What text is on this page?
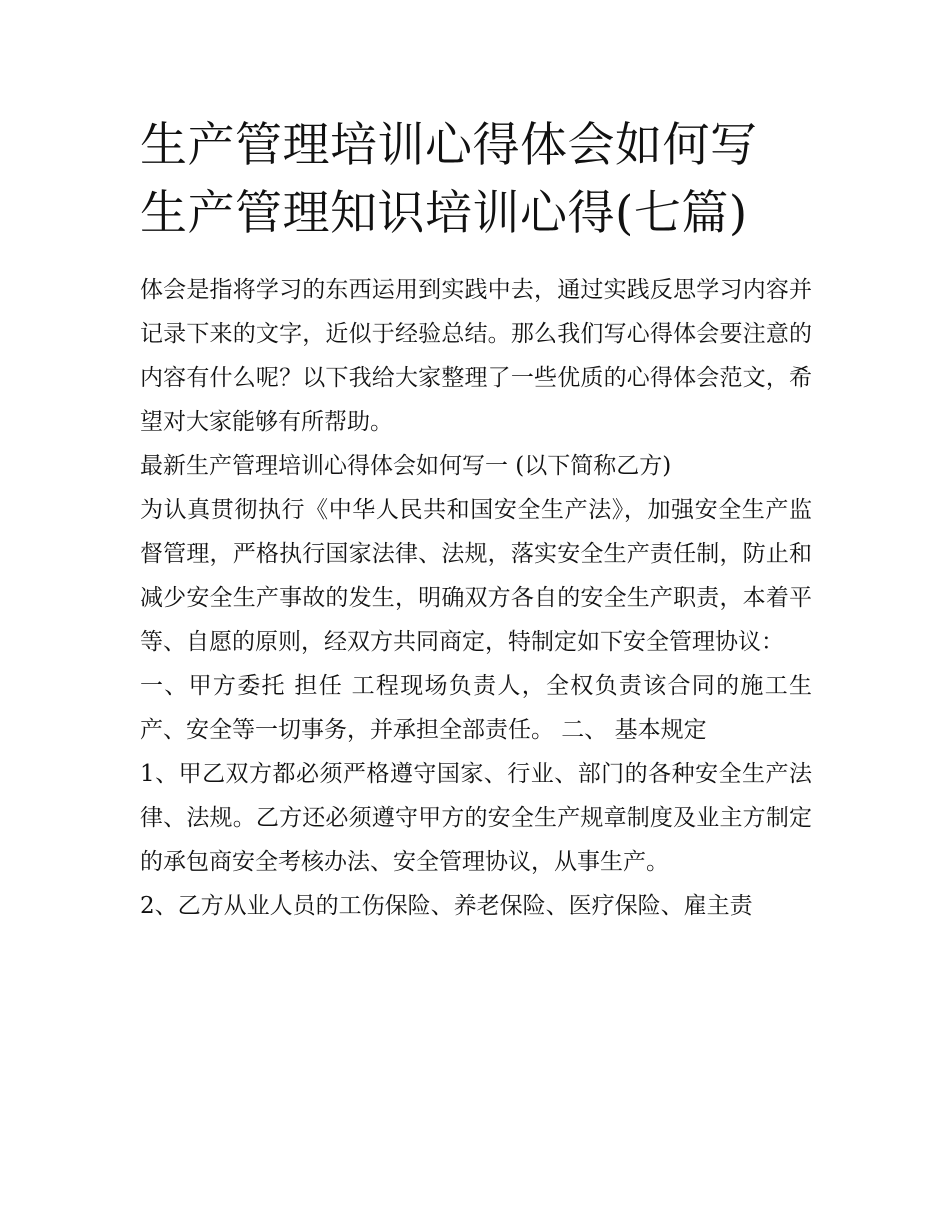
生产管理培训心得体会如何写
生产管理知识培训心得(七篇)

体会是指将学习的东西运用到实践中去，通过实践反思学习内容并记录下来的文字，近似于经验总结。那么我们写心得体会要注意的内容有什么呢？以下我给大家整理了一些优质的心得体会范文，希望对大家能够有所帮助。

最新生产管理培训心得体会如何写一 (以下简称乙方)

为认真贯彻执行《中华人民共和国安全生产法》，加强安全生产监督管理，严格执行国家法律、法规，落实安全生产责任制，防止和减少安全生产事故的发生，明确双方各自的安全生产职责，本着平等、自愿的原则，经双方共同商定，特制定如下安全管理协议：

一、甲方委托 担任 工程现场负责人，全权负责该合同的施工生产、安全等一切事务，并承担全部责任。 二、 基本规定

1、甲乙双方都必须严格遵守国家、行业、部门的各种安全生产法律、法规。乙方还必须遵守甲方的安全生产规章制度及业主方制定的承包商安全考核办法、安全管理协议，从事生产。

2、乙方从业人员的工伤保险、养老保险、医疗保险、雇主责
